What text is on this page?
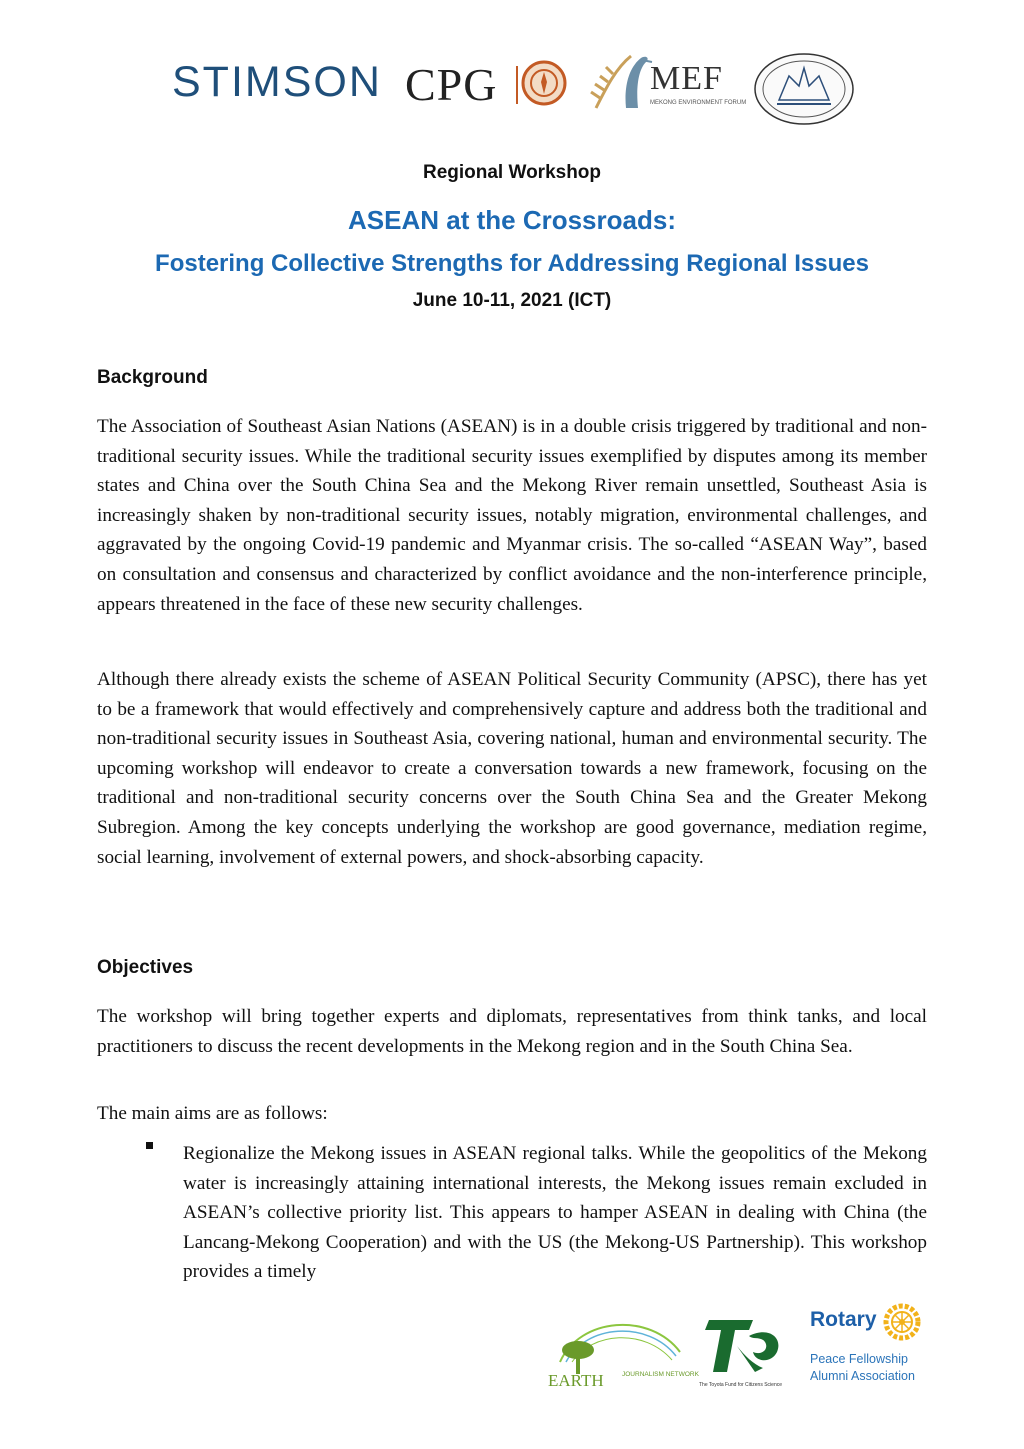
STIMSON CPG	MEF
MEKONG ENVIRONMENT FORUM
Regional Workshop
ASEAN at the Crossroads:
Fostering Collective Strengths for Addressing Regional Issues
June 10-11, 2021 (ICT)
Background

The Association of Southeast Asian Nations (ASEAN) is in a double crisis triggered by traditional and non-traditional security issues. While the traditional security issues exemplified by disputes among its member states and China over the South China Sea and the Mekong River remain unsettled, Southeast Asia is increasingly shaken by non-traditional security issues, notably migration, environmental challenges, and aggravated by the ongoing Covid-19 pandemic and Myanmar crisis. The so-called “ASEAN Way”, based on consultation and consensus and characterized by conflict avoidance and the non-interference principle, appears threatened in the face of these new security challenges.

Although there already exists the scheme of ASEAN Political Security Community (APSC), there has yet to be a framework that would effectively and comprehensively capture and address both the traditional and non-traditional security issues in Southeast Asia, covering national, human and environmental security. The upcoming workshop will endeavor to create a conversation towards a new framework, focusing on the traditional and non-traditional security concerns over the South China Sea and the Greater Mekong Subregion. Among the key concepts underlying the workshop are good governance, mediation regime, social learning, involvement of external powers, and shock-absorbing capacity.

Objectives

The workshop will bring together experts and diplomats, representatives from think tanks, and local practitioners to discuss the recent developments in the Mekong region and in the South China Sea.

The main aims are as follows:

Regionalize the Mekong issues in ASEAN regional talks. While the geopolitics of the Mekong water is increasingly attaining international interests, the Mekong issues remain excluded in ASEAN’s collective priority list. This appears to hamper ASEAN in dealing with China (the Lancang-Mekong Cooperation) and with the US (the Mekong-US Partnership). This workshop provides a timely

EARTH	JOURNALISM NETWORK
The Toyota Fund for Citizens Science
Rotary
Peace Fellowship
Alumni Association
